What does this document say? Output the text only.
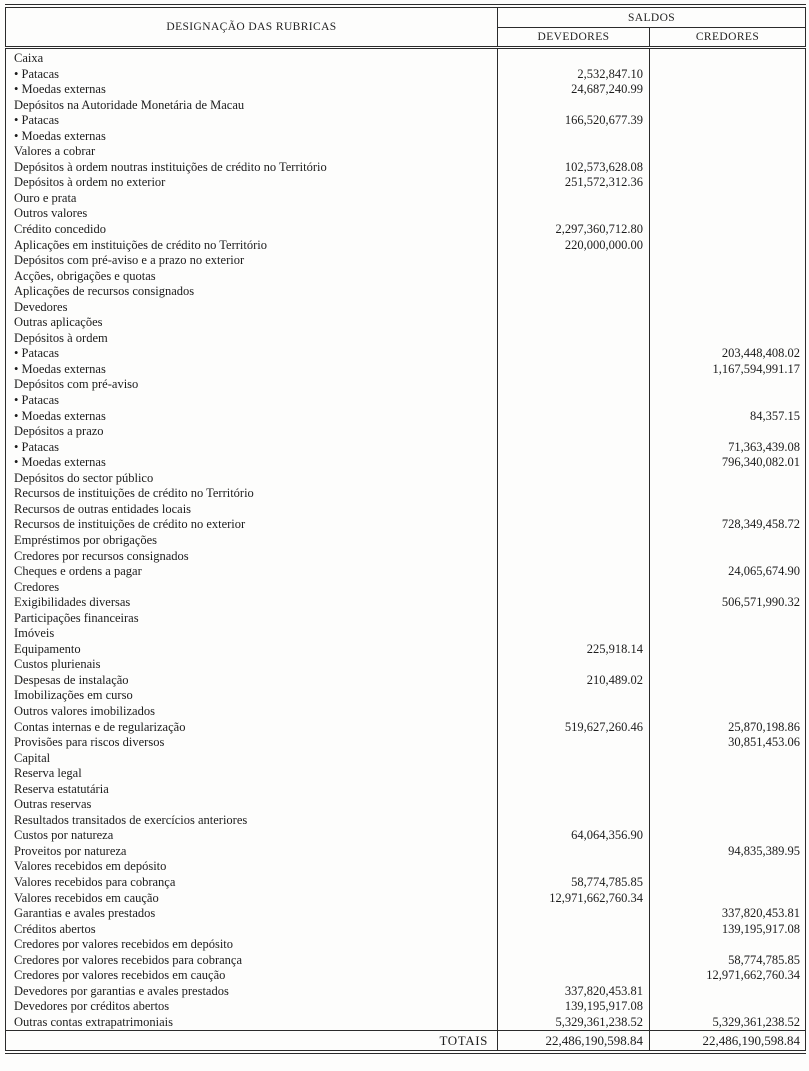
DESIGNAÇÃO DAS RUBRICAS	SALDOS	
	DEVEDORES	CREDORES
Caixa		
• Patacas	2,532,847.10	
• Moedas externas	24,687,240.99	
Depósitos na Autoridade Monetária de Macau		
• Patacas	166,520,677.39	
• Moedas externas		
Valores a cobrar		
Depósitos à ordem noutras instituições de crédito no Território	102,573,628.08	
Depósitos à ordem no exterior	251,572,312.36	
Ouro e prata		
Outros valores		
Crédito concedido	2,297,360,712.80	
Aplicações em instituições de crédito no Território	220,000,000.00	
Depósitos com pré-aviso e a prazo no exterior		
Acções, obrigações e quotas		
Aplicações de recursos consignados		
Devedores		
Outras aplicações		
Depósitos à ordem		
• Patacas		203,448,408.02
• Moedas externas		1,167,594,991.17
Depósitos com pré-aviso		
• Patacas		
• Moedas externas		84,357.15
Depósitos a prazo		
• Patacas		71,363,439.08
• Moedas externas		796,340,082.01
Depósitos do sector público		
Recursos de instituições de crédito no Território		
Recursos de outras entidades locais		
Recursos de instituições de crédito no exterior		728,349,458.72
Empréstimos por obrigações		
Credores por recursos consignados		
Cheques e ordens a pagar		24,065,674.90
Credores		
Exigibilidades diversas		506,571,990.32
Participações financeiras		
Imóveis		
Equipamento	225,918.14	
Custos plurienais		
Despesas de instalação	210,489.02	
Imobilizações em curso		
Outros valores imobilizados		
Contas internas e de regularização	519,627,260.46	25,870,198.86
Provisões para riscos diversos		30,851,453.06
Capital		
Reserva legal		
Reserva estatutária		
Outras reservas		
Resultados transitados de exercícios anteriores		
Custos por natureza	64,064,356.90	
Proveitos por natureza		94,835,389.95
Valores recebidos em depósito		
Valores recebidos para cobrança	58,774,785.85	
Valores recebidos em caução	12,971,662,760.34	
Garantias e avales prestados		337,820,453.81
Créditos abertos		139,195,917.08
Credores por valores recebidos em depósito		
Credores por valores recebidos para cobrança		58,774,785.85
Credores por valores recebidos em caução		12,971,662,760.34
Devedores por garantias e avales prestados	337,820,453.81	
Devedores por créditos abertos	139,195,917.08	
Outras contas extrapatrimoniais	5,329,361,238.52	5,329,361,238.52
TOTAIS	22,486,190,598.84	22,486,190,598.84
